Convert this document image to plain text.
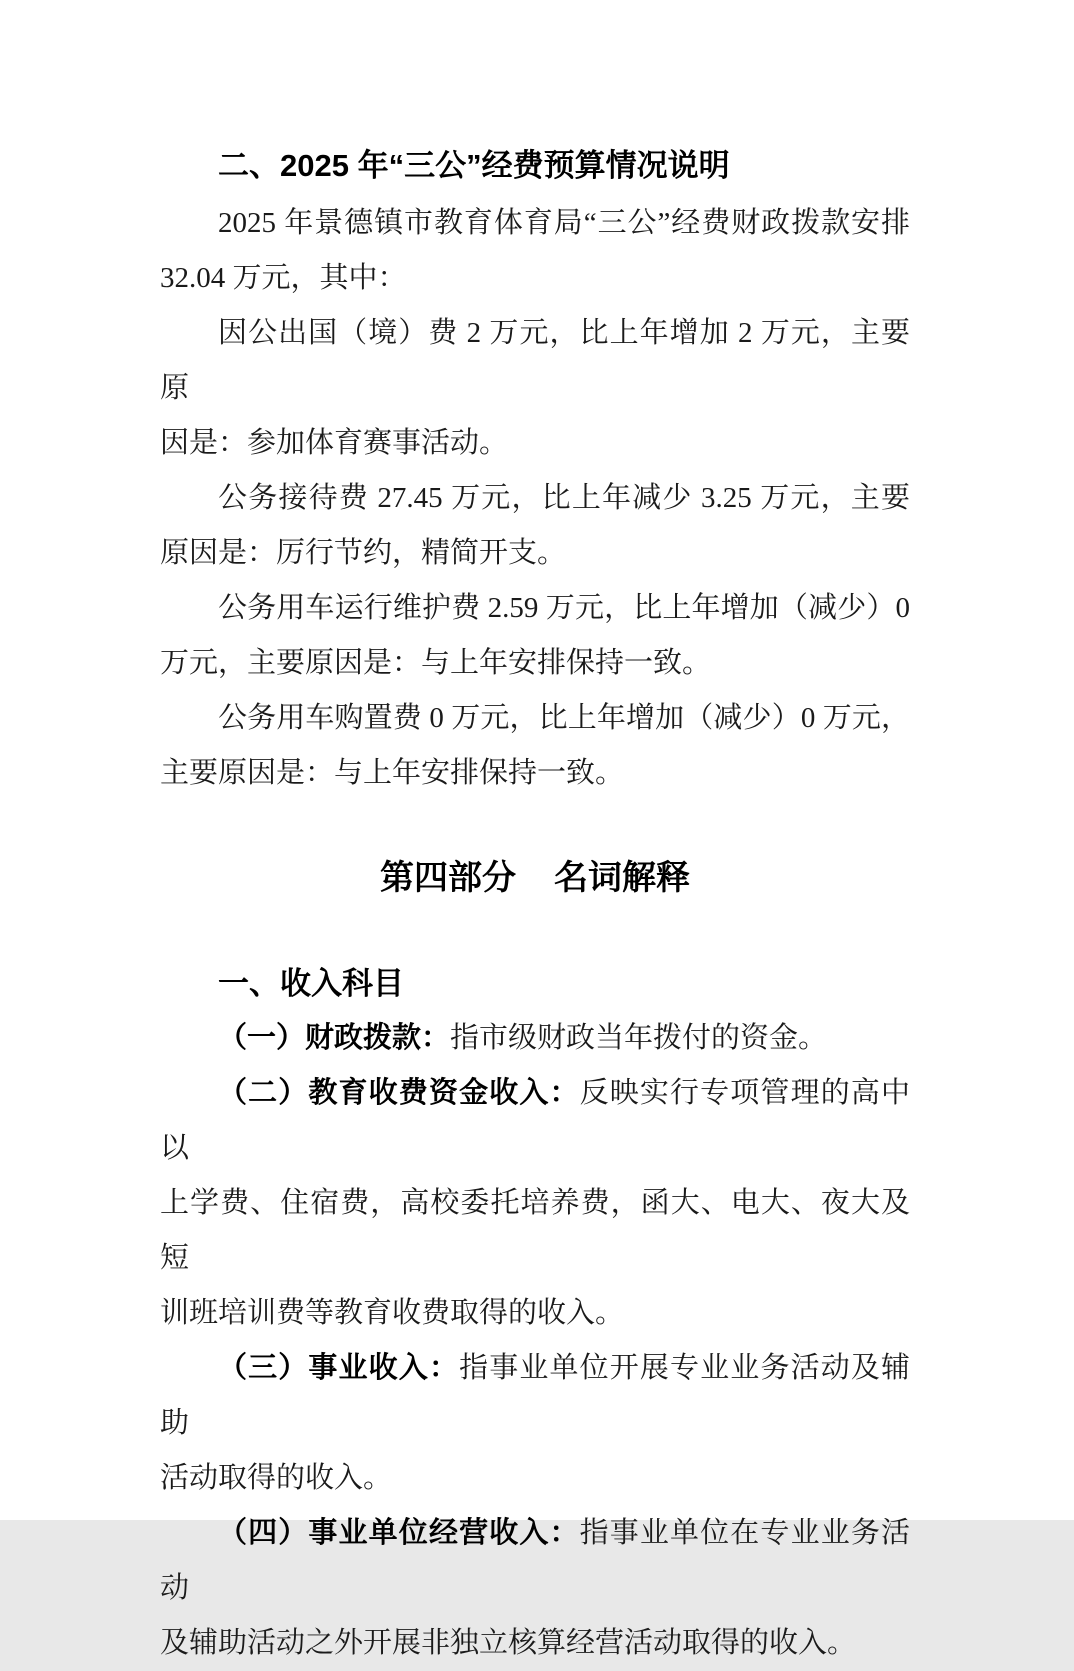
二、2025 年“三公”经费预算情况说明
2025 年景德镇市教育体育局“三公”经费财政拨款安排
32.04 万元，其中：
因公出国（境）费 2 万元，比上年增加 2 万元，主要原
因是：参加体育赛事活动。
公务接待费 27.45 万元，比上年减少 3.25 万元，主要
原因是：厉行节约，精简开支。
公务用车运行维护费 2.59 万元，比上年增加（减少）0
万元，主要原因是：与上年安排保持一致。
公务用车购置费 0 万元，比上年增加（减少）0 万元，
主要原因是：与上年安排保持一致。
第四部分 名词解释
一、收入科目
（一）财政拨款：指市级财政当年拨付的资金。
（二）教育收费资金收入：反映实行专项管理的高中以
上学费、住宿费，高校委托培养费，函大、电大、夜大及短
训班培训费等教育收费取得的收入。
（三）事业收入：指事业单位开展专业业务活动及辅助
活动取得的收入。
（四）事业单位经营收入：指事业单位在专业业务活动
及辅助活动之外开展非独立核算经营活动取得的收入。
